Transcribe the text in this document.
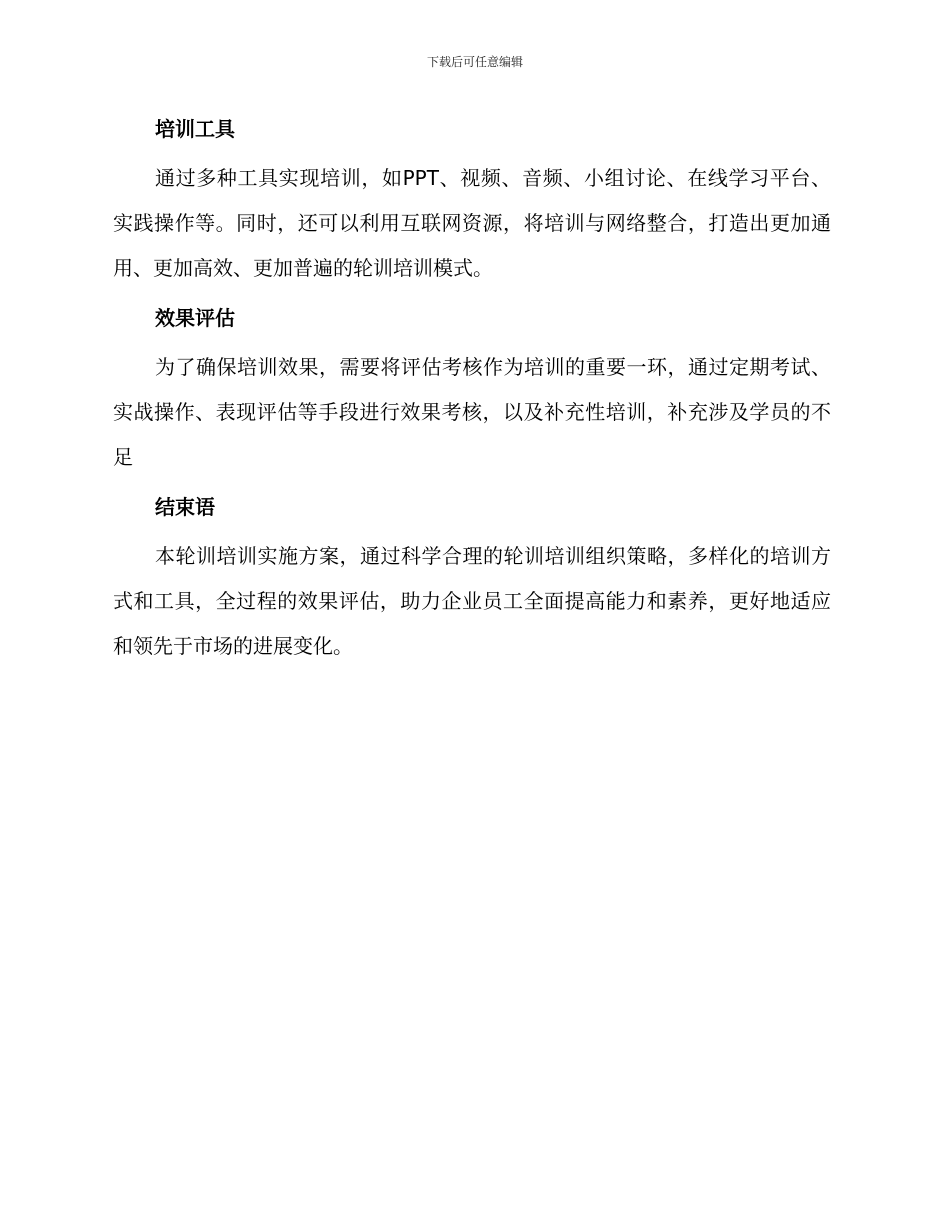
下载后可任意编辑
培训工具

通过多种工具实现培训，如PPT、视频、音频、小组讨论、在线学习平台、实践操作等。同时，还可以利用互联网资源，将培训与网络整合，打造出更加通用、更加高效、更加普遍的轮训培训模式。

效果评估

为了确保培训效果，需要将评估考核作为培训的重要一环，通过定期考试、实战操作、表现评估等手段进行效果考核，以及补充性培训，补充涉及学员的不足

结束语

本轮训培训实施方案，通过科学合理的轮训培训组织策略，多样化的培训方式和工具，全过程的效果评估，助力企业员工全面提高能力和素养，更好地适应和领先于市场的进展变化。
